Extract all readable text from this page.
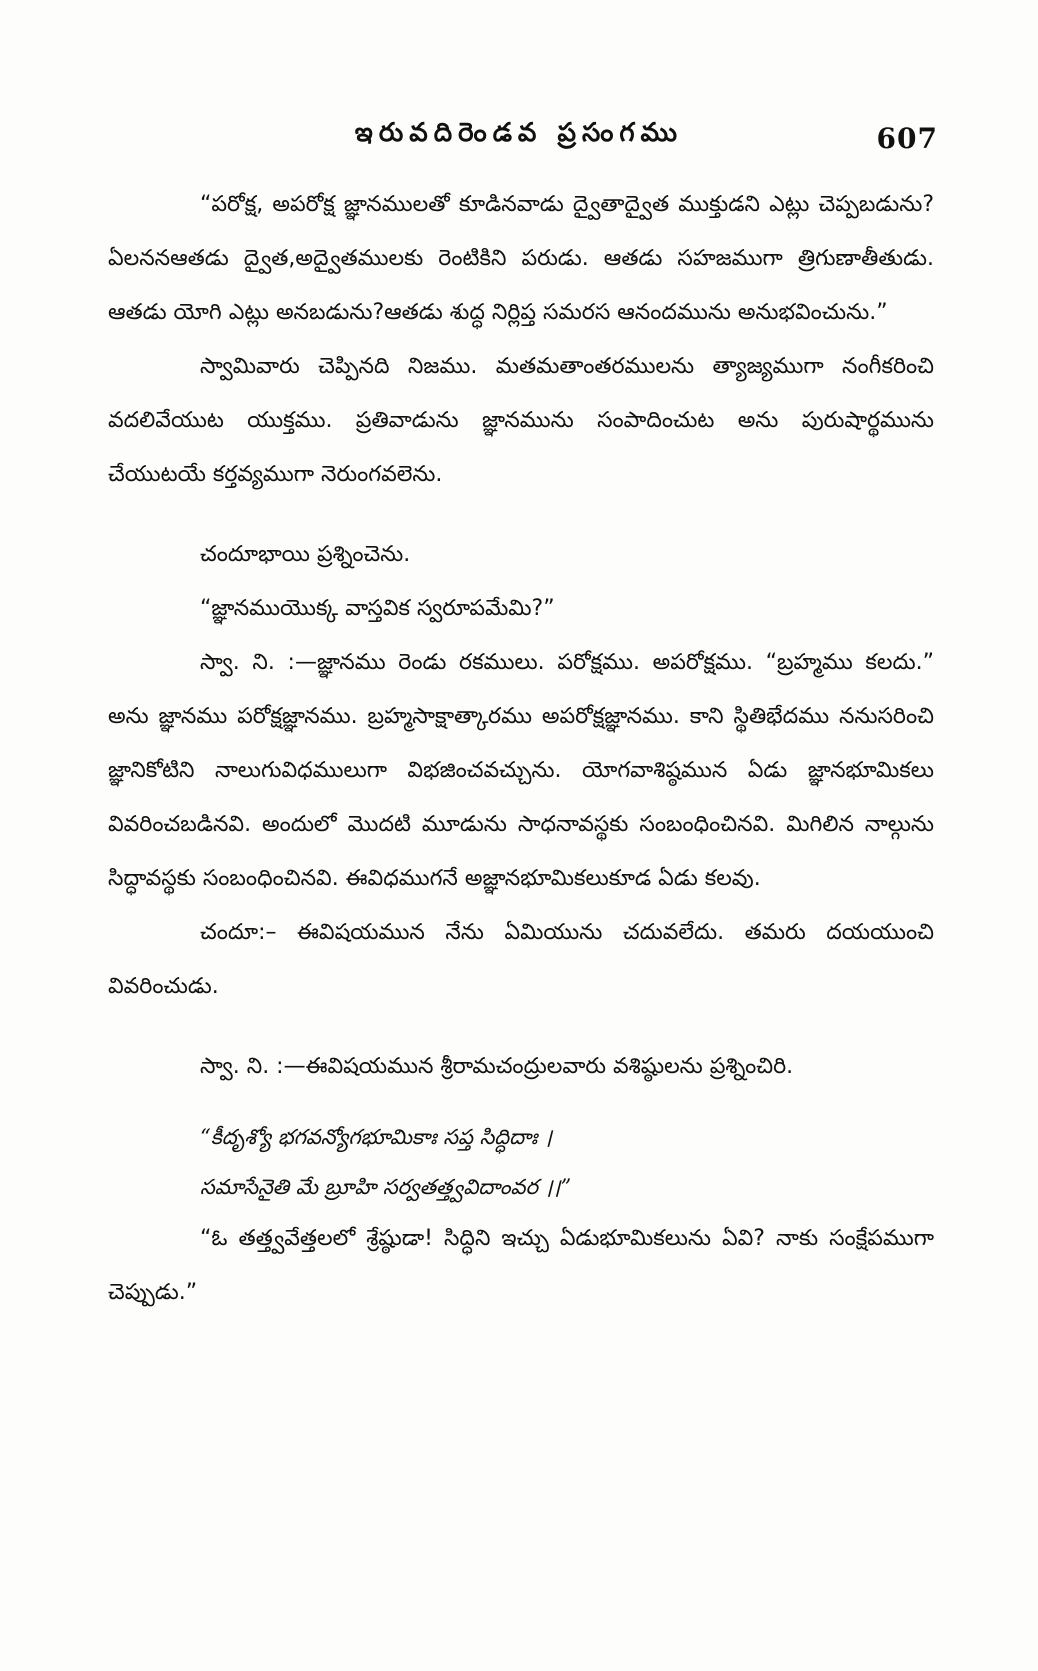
ఇరువదిరెండవ ప్రసంగము	607

“పరోక్ష, అపరోక్ష జ్ఞానములతో కూడినవాడు ద్వైతాద్వైత ముక్తుడని ఎట్లు చెప్పబడును? ఏలననఆతడు ద్వైత,అద్వైతములకు రెంటికిని పరుడు. ఆతడు సహజముగా త్రిగుణాతీతుడు. ఆతడు యోగి ఎట్లు అనబడును?ఆతడు శుద్ధ నిర్లిప్త సమరస ఆనందమును అనుభవించును.”

స్వామివారు చెప్పినది నిజము. మతమతాంతరములను త్యాజ్యముగా నంగీకరించి వదలివేయుట యుక్తము. ప్రతివాడును జ్ఞానమును సంపాదించుట అను పురుషార్థమును చేయుటయే కర్తవ్యముగా నెరుంగవలెను.

చందూభాయి ప్రశ్నించెను.

“జ్ఞానముయొక్క వాస్తవిక స్వరూపమేమి?”

స్వా. ని. :—జ్ఞానము రెండు రకములు. పరోక్షము. అపరోక్షము. “బ్రహ్మము కలదు.” అను జ్ఞానము పరోక్షజ్ఞానము. బ్రహ్మసాక్షాత్కారము అపరోక్షజ్ఞానము. కాని స్థితిభేదము ననుసరించి జ్ఞానికోటిని నాలుగువిధములుగా విభజించవచ్చును. యోగవాశిష్ఠమున ఏడు జ్ఞానభూమికలు వివరించబడినవి. అందులో మొదటి మూడును సాధనావస్థకు సంబంధించినవి. మిగిలిన నాల్గును సిద్ధావస్థకు సంబంధించినవి. ఈవిధముగనే అజ్ఞానభూమికలుకూడ ఏడు కలవు.

చందూ:– ఈవిషయమున నేను ఏమియును చదువలేదు. తమరు దయయుంచి వివరించుడు.

స్వా. ని. :—ఈవిషయమున శ్రీరామచంద్రులవారు వశిష్ఠులను ప్రశ్నించిరి.

“కీదృశ్యో భగవన్యోగభూమికాః సప్త సిద్ధిదాః ।
సమాసేనైతి మే బ్రూహి సర్వతత్త్వవిదాంవర ।।”

“ఓ తత్త్వవేత్తలలో శ్రేష్ఠుడా! సిద్ధిని ఇచ్చు ఏడుభూమికలును ఏవి? నాకు సంక్షేపముగా చెప్పుడు.”
